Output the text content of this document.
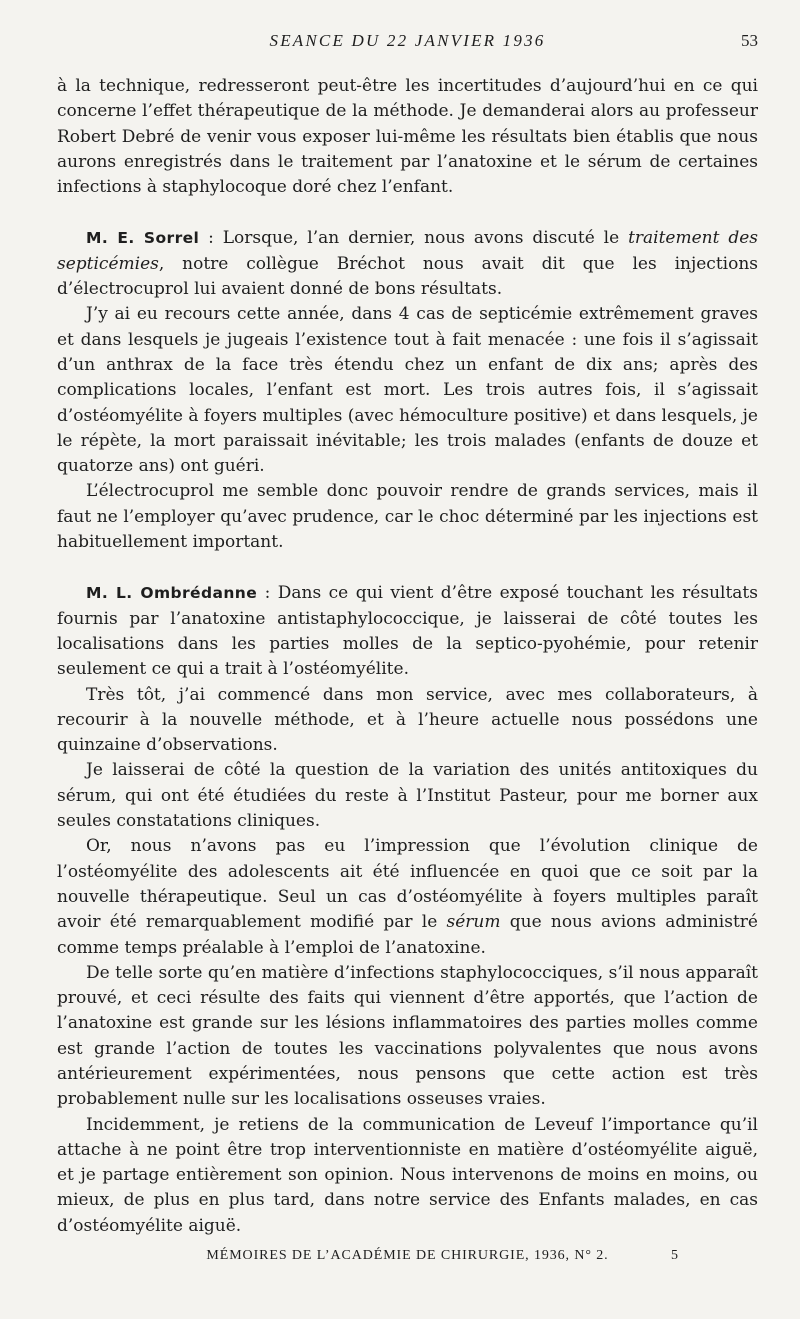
SEANCE DU 22 JANVIER 1936	53

à la technique, redresseront peut-être les incertitudes d’aujourd’hui en ce qui concerne l’effet thérapeutique de la méthode. Je demanderai alors au professeur Robert Debré de venir vous exposer lui-même les résultats bien établis que nous aurons enregistrés dans le traitement par l’anatoxine et le sérum de certaines infections à staphylocoque doré chez l’enfant.

M. E. Sorrel : Lorsque, l’an dernier, nous avons discuté le traitement des septicémies, notre collègue Bréchot nous avait dit que les injections d’électrocuprol lui avaient donné de bons résultats.

J’y ai eu recours cette année, dans 4 cas de septicémie extrêmement graves et dans lesquels je jugeais l’existence tout à fait menacée : une fois il s’agissait d’un anthrax de la face très étendu chez un enfant de dix ans; après des complications locales, l’enfant est mort. Les trois autres fois, il s’agissait d’ostéomyélite à foyers multiples (avec hémoculture positive) et dans lesquels, je le répète, la mort paraissait inévitable; les trois malades (enfants de douze et quatorze ans) ont guéri.

L’électrocuprol me semble donc pouvoir rendre de grands services, mais il faut ne l’employer qu’avec prudence, car le choc déterminé par les injections est habituellement important.

M. L. Ombrédanne : Dans ce qui vient d’être exposé touchant les résultats fournis par l’anatoxine antistaphylococcique, je laisserai de côté toutes les localisations dans les parties molles de la septico-pyohémie, pour retenir seulement ce qui a trait à l’ostéomyélite.

Très tôt, j’ai commencé dans mon service, avec mes collaborateurs, à recourir à la nouvelle méthode, et à l’heure actuelle nous possédons une quinzaine d’observations.

Je laisserai de côté la question de la variation des unités antitoxiques du sérum, qui ont été étudiées du reste à l’Institut Pasteur, pour me borner aux seules constatations cliniques.

Or, nous n’avons pas eu l’impression que l’évolution clinique de l’ostéomyélite des adolescents ait été influencée en quoi que ce soit par la nouvelle thérapeutique. Seul un cas d’ostéomyélite à foyers multiples paraît avoir été remarquablement modifié par le sérum que nous avions administré comme temps préalable à l’emploi de l’anatoxine.

De telle sorte qu’en matière d’infections staphylococciques, s’il nous apparaît prouvé, et ceci résulte des faits qui viennent d’être apportés, que l’action de l’anatoxine est grande sur les lésions inflammatoires des parties molles comme est grande l’action de toutes les vaccinations polyvalentes que nous avons antérieurement expérimentées, nous pensons que cette action est très probablement nulle sur les localisations osseuses vraies.

Incidemment, je retiens de la communication de Leveuf l’importance qu’il attache à ne point être trop interventionniste en matière d’ostéomyélite aiguë, et je partage entièrement son opinion. Nous intervenons de moins en moins, ou mieux, de plus en plus tard, dans notre service des Enfants malades, en cas d’ostéomyélite aiguë.

MÉMOIRES DE L’ACADÉMIE DE CHIRURGIE, 1936, N° 2.	5
